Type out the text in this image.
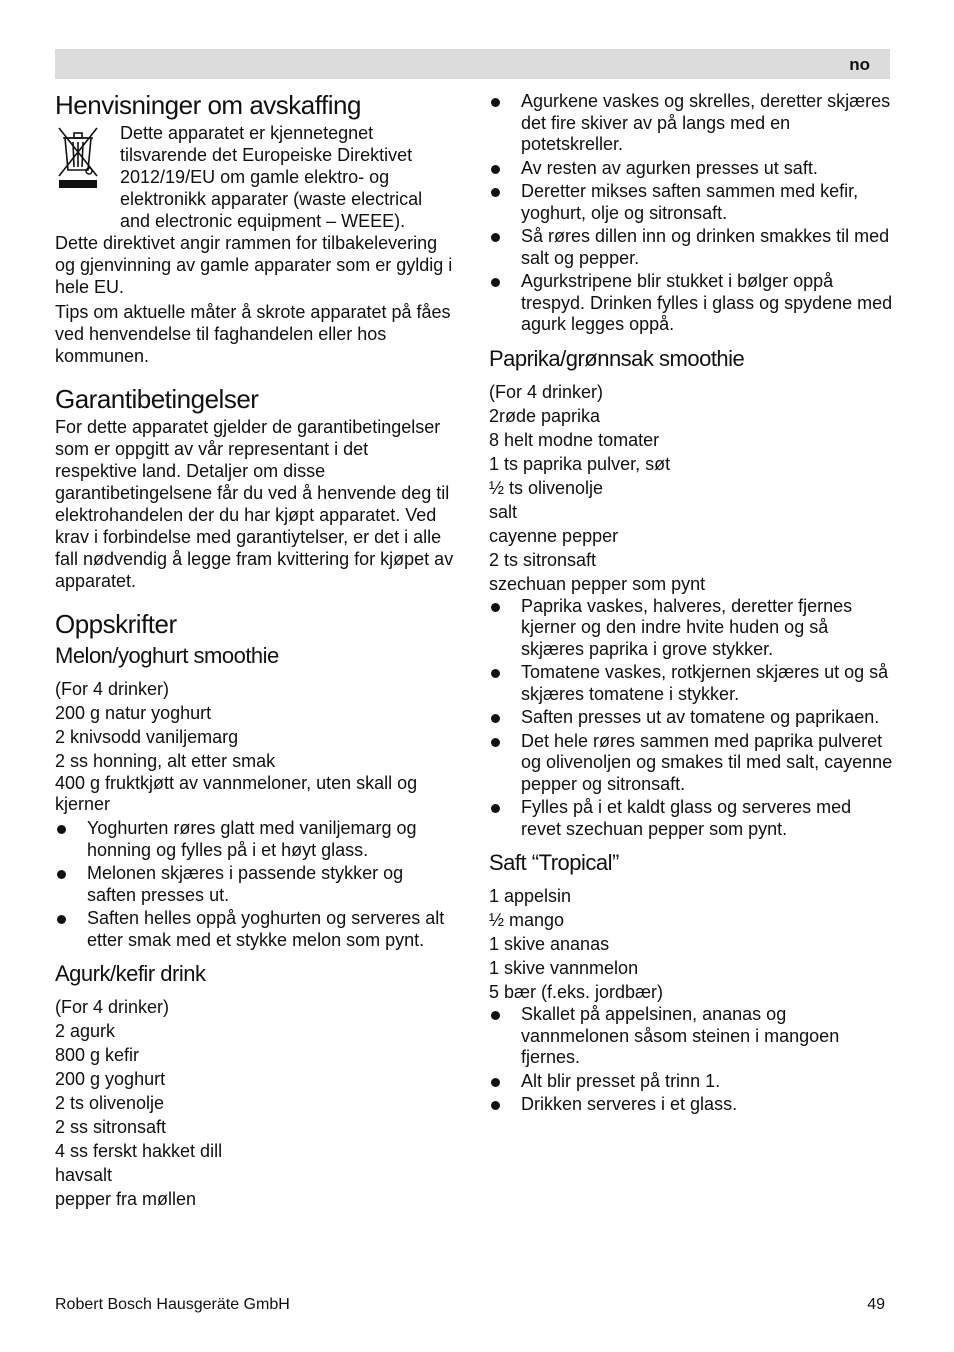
no
Henvisninger om avskaffing

Dette apparatet er kjennetegnet tilsvarende det Europeiske Direktivet 2012/19/EU om gamle elektro- og elektronikk apparater (waste electrical and electronic equipment – WEEE).

Dette direktivet angir rammen for tilbakelevering og gjenvinning av gamle apparater som er gyldig i hele EU.

Tips om aktuelle måter å skrote apparatet på fåes ved henvendelse til faghandelen eller hos kommunen.

Garantibetingelser

For dette apparatet gjelder de garantibetingelser som er oppgitt av vår representant i det respektive land. Detaljer om disse garantibetingelsene får du ved å henvende deg til elektrohandelen der du har kjøpt apparatet. Ved krav i forbindelse med garantiytelser, er det i alle fall nødvendig å legge fram kvittering for kjøpet av apparatet.

Oppskrifter
Melon/yoghurt smoothie

(For 4 drinker)

200 g natur yoghurt

2 knivsodd vaniljemarg

2 ss honning, alt etter smak

400 g fruktkjøtt av vannmeloner, uten skall og kjerner

Yoghurten røres glatt med vaniljemarg og honning og fylles på i et høyt glass.
Melonen skjæres i passende stykker og saften presses ut.
Saften helles oppå yoghurten og serveres alt etter smak med et stykke melon som pynt.
Agurk/kefir drink

(For 4 drinker)

2 agurk

800 g kefir

200 g yoghurt

2 ts olivenolje

2 ss sitronsaft

4 ss ferskt hakket dill

havsalt

pepper fra møllen

Agurkene vaskes og skrelles, deretter skjæres det fire skiver av på langs med en potetskreller.
Av resten av agurken presses ut saft.
Deretter mikses saften sammen med kefir, yoghurt, olje og sitronsaft.
Så røres dillen inn og drinken smakkes til med salt og pepper.
Agurkstripene blir stukket i bølger oppå trespyd. Drinken fylles i glass og spydene med agurk legges oppå.
Paprika/grønnsak smoothie

(For 4 drinker)

2røde paprika

8 helt modne tomater

1 ts paprika pulver, søt

½ ts olivenolje

salt

cayenne pepper

2 ts sitronsaft

szechuan pepper som pynt

Paprika vaskes, halveres, deretter fjernes kjerner og den indre hvite huden og så skjæres paprika i grove stykker.
Tomatene vaskes, rotkjernen skjæres ut og så skjæres tomatene i stykker.
Saften presses ut av tomatene og paprikaen.
Det hele røres sammen med paprika pulveret og olivenoljen og smakes til med salt, cayenne pepper og sitronsaft.
Fylles på i et kaldt glass og serveres med revet szechuan pepper som pynt.
Saft “Tropical”

1 appelsin

½ mango

1 skive ananas

1 skive vannmelon

5 bær (f.eks. jordbær)

Skallet på appelsinen, ananas og vannmelonen såsom steinen i mangoen fjernes.
Alt blir presset på trinn 1.
Drikken serveres i et glass.
Robert Bosch Hausgeräte GmbH	49
